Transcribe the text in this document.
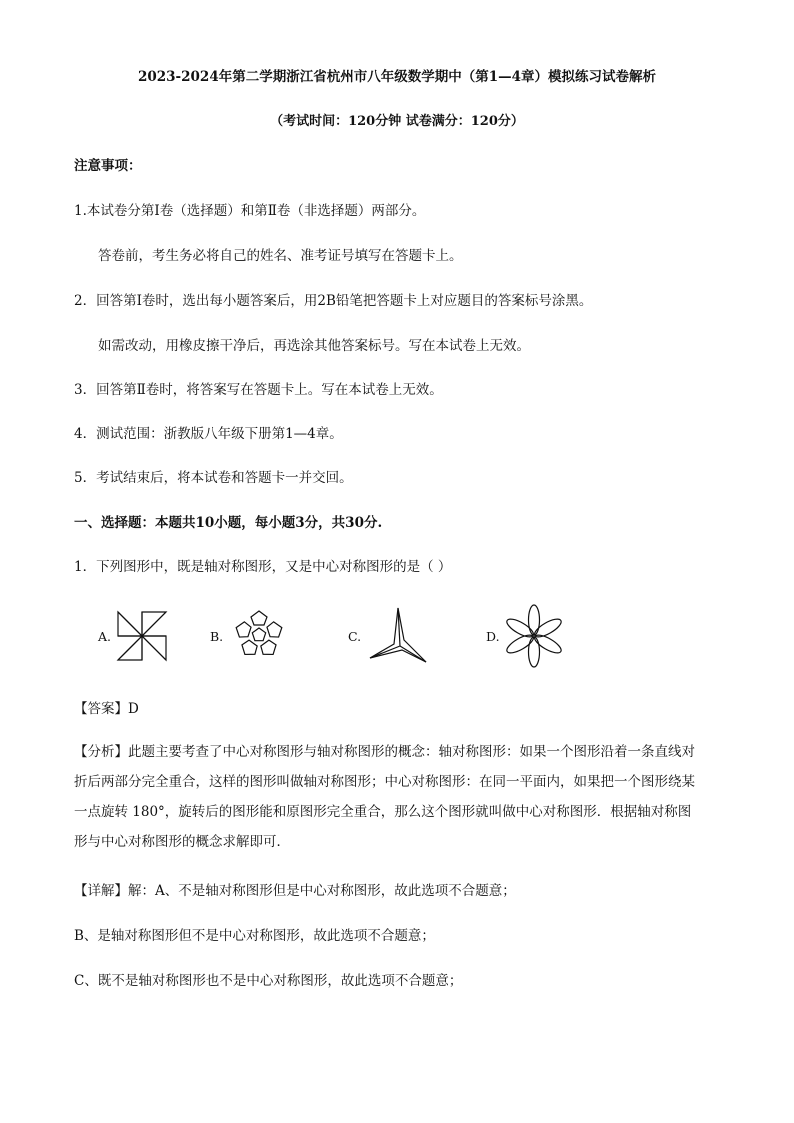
2023-2024年第二学期浙江省杭州市八年级数学期中（第1—4章）模拟练习试卷解析
（考试时间：120分钟 试卷满分：120分）
注意事项：
1.本试卷分第Ⅰ卷（选择题）和第Ⅱ卷（非选择题）两部分。
答卷前，考生务必将自己的姓名、准考证号填写在答题卡上。
2．回答第Ⅰ卷时，选出每小题答案后，用2B铅笔把答题卡上对应题目的答案标号涂黑。
如需改动，用橡皮擦干净后，再选涂其他答案标号。写在本试卷上无效。
3．回答第Ⅱ卷时，将答案写在答题卡上。写在本试卷上无效。
4．测试范围：浙教版八年级下册第1—4章。
5．考试结束后，将本试卷和答题卡一并交回。
一、选择题：本题共10小题，每小题3分，共30分.
1．下列图形中，既是轴对称图形，又是中心对称图形的是（ ）
A.	B.	C.	D.
【答案】D
【分析】此题主要考查了中心对称图形与轴对称图形的概念：轴对称图形：如果一个图形沿着一条直线对
折后两部分完全重合，这样的图形叫做轴对称图形；中心对称图形：在同一平面内，如果把一个图形绕某
一点旋转 180°，旋转后的图形能和原图形完全重合，那么这个图形就叫做中心对称图形．根据轴对称图
形与中心对称图形的概念求解即可．
【详解】解：A、不是轴对称图形但是中心对称图形，故此选项不合题意；
B、是轴对称图形但不是中心对称图形，故此选项不合题意；
C、既不是轴对称图形也不是中心对称图形，故此选项不合题意；
